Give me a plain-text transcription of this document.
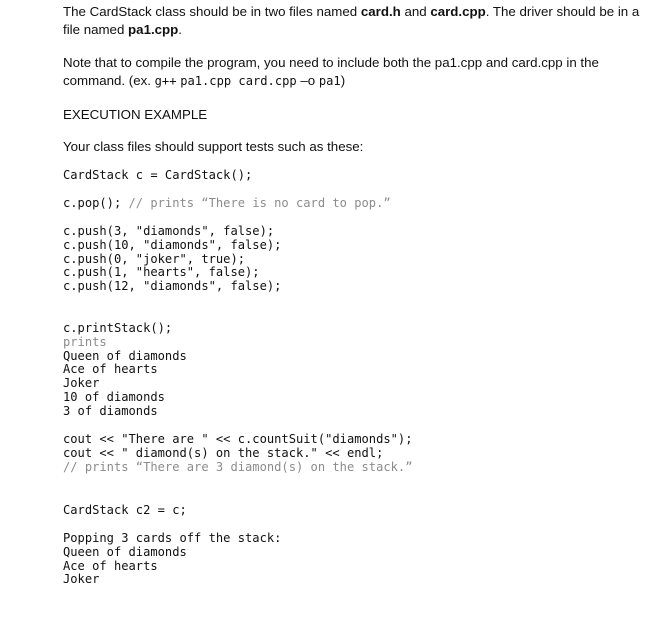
The CardStack class should be in two files named card.h and card.cpp. The driver should be in a
file named pa1.cpp.
Note that to compile the program, you need to include both the pa1.cpp and card.cpp in the
command. (ex. g++ pa1.cpp card.cpp –o pa1)
EXECUTION EXAMPLE
Your class files should support tests such as these:
CardStack c = CardStack();
c.pop(); // prints “There is no card to pop.”
c.push(3, "diamonds", false);
c.push(10, "diamonds", false);
c.push(0, "joker", true);
c.push(1, "hearts", false);
c.push(12, "diamonds", false);
c.printStack();
prints
Queen of diamonds
Ace of hearts
Joker
10 of diamonds
3 of diamonds
cout << "There are " << c.countSuit("diamonds");
cout << " diamond(s) on the stack." << endl;
// prints “There are 3 diamond(s) on the stack.”
CardStack c2 = c;
Popping 3 cards off the stack:
Queen of diamonds
Ace of hearts
Joker
